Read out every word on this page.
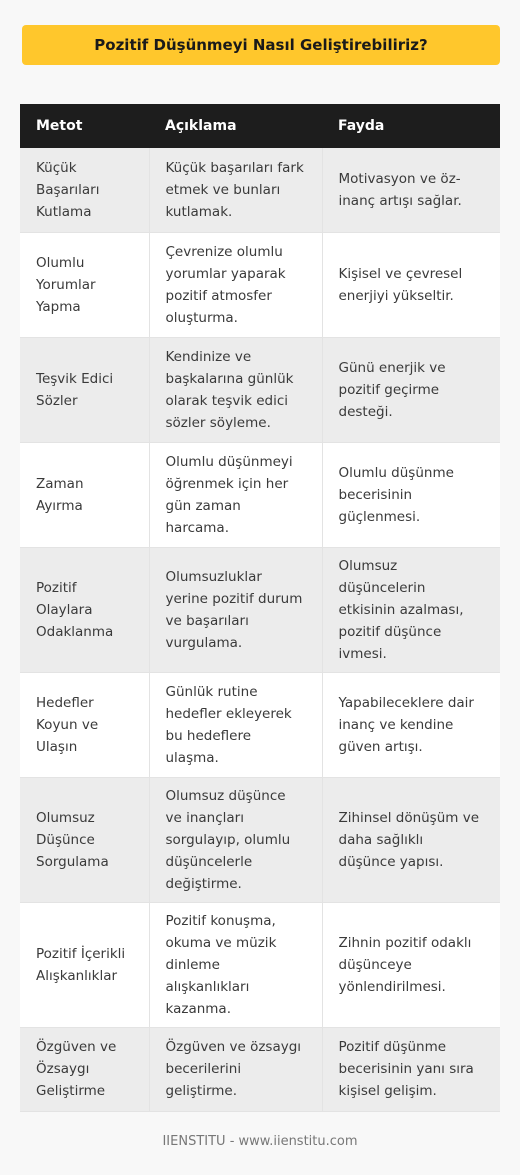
Pozitif Düşünmeyi Nasıl Geliştirebiliriz?
Metot	Açıklama	Fayda
Küçük Başarıları Kutlama	Küçük başarıları fark etmek ve bunları kutlamak.	Motivasyon ve öz-inanç artışı sağlar.
Olumlu Yorumlar Yapma	Çevrenize olumlu yorumlar yaparak pozitif atmosfer oluşturma.	Kişisel ve çevresel enerjiyi yükseltir.
Teşvik Edici Sözler	Kendinize ve başkalarına günlük olarak teşvik edici sözler söyleme.	Günü enerjik ve pozitif geçirme desteği.
Zaman Ayırma	Olumlu düşünmeyi öğrenmek için her gün zaman harcama.	Olumlu düşünme becerisinin güçlenmesi.
Pozitif Olaylara Odaklanma	Olumsuzluklar yerine pozitif durum ve başarıları vurgulama.	Olumsuz düşüncelerin etkisinin azalması, pozitif düşünce ivmesi.
Hedefler Koyun ve Ulaşın	Günlük rutine hedefler ekleyerek bu hedeflere ulaşma.	Yapabileceklere dair inanç ve kendine güven artışı.
Olumsuz Düşünce Sorgulama	Olumsuz düşünce ve inançları sorgulayıp, olumlu düşüncelerle değiştirme.	Zihinsel dönüşüm ve daha sağlıklı düşünce yapısı.
Pozitif İçerikli Alışkanlıklar	Pozitif konuşma, okuma ve müzik dinleme alışkanlıkları kazanma.	Zihnin pozitif odaklı düşünceye yönlendirilmesi.
Özgüven ve Özsaygı Geliştirme	Özgüven ve özsaygı becerilerini geliştirme.	Pozitif düşünme becerisinin yanı sıra kişisel gelişim.
IIENSTITU - www.iienstitu.com
